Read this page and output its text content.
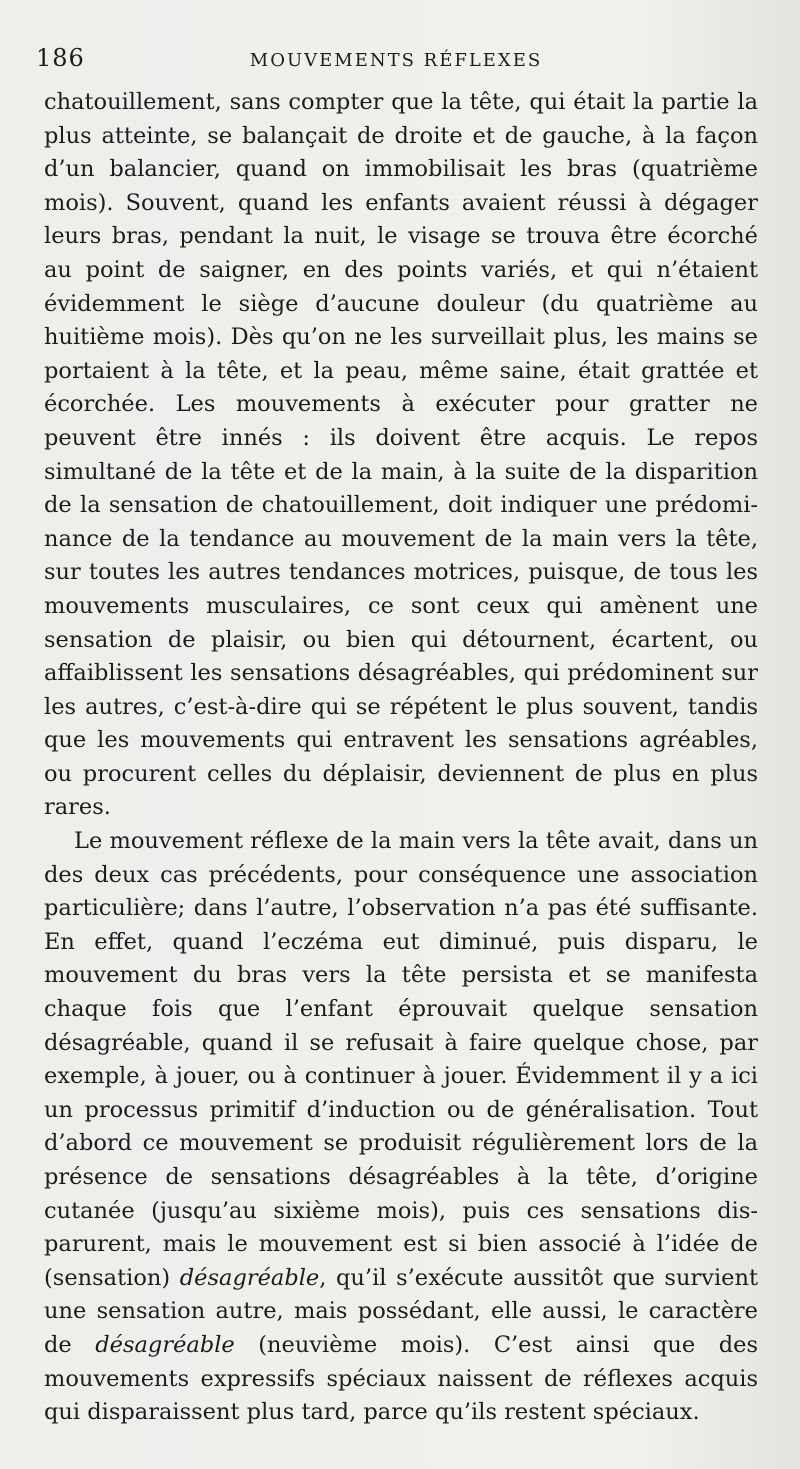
186	MOUVEMENTS RÉFLEXES

chatouillement, sans compter que la tête, qui était la partie la plus atteinte, se balançait de droite et de gauche, à la façon d’un balancier, quand on immobilisait les bras (quatrième mois). Souvent, quand les enfants avaient réussi à dégager leurs bras, pendant la nuit, le visage se trouva être écorché au point de saigner, en des points variés, et qui n’étaient évidemment le siège d’aucune douleur (du quatrième au huitième mois). Dès qu’on ne les surveillait plus, les mains se portaient à la tête, et la peau, même saine, était grattée et écorchée. Les mouvements à exécuter pour gratter ne peuvent être innés : ils doivent être acquis. Le repos simultané de la tête et de la main, à la suite de la disparition de la sensation de chatouillement, doit indiquer une prédominance de la tendance au mouvement de la main vers la tête, sur toutes les autres tendances motrices, puisque, de tous les mouvements musculaires, ce sont ceux qui amènent une sensation de plaisir, ou bien qui détournent, écartent, ou affaiblissent les sensations désagréables, qui prédominent sur les autres, c’est-à-dire qui se répétent le plus souvent, tandis que les mouvements qui entravent les sensations agréables, ou procurent celles du déplaisir, deviennent de plus en plus rares.

Le mouvement réflexe de la main vers la tête avait, dans un des deux cas précédents, pour conséquence une association particulière; dans l’autre, l’observation n’a pas été suffisante. En effet, quand l’eczéma eut diminué, puis disparu, le mouvement du bras vers la tête persista et se manifesta chaque fois que l’enfant éprouvait quelque sensation désagréable, quand il se refusait à faire quelque chose, par exemple, à jouer, ou à continuer à jouer. Évidemment il y a ici un processus primitif d’induction ou de généralisation. Tout d’abord ce mouvement se produisit régulièrement lors de la présence de sensations désagréables à la tête, d’origine cutanée (jusqu’au sixième mois), puis ces sensations disparurent, mais le mouvement est si bien associé à l’idée de (sensation) désagréable, qu’il s’exécute aussitôt que survient une sensation autre, mais possédant, elle aussi, le caractère de désagréable (neuvième mois). C’est ainsi que des mouvements expressifs spéciaux naissent de réflexes acquis qui disparaissent plus tard, parce qu’ils restent spéciaux.
